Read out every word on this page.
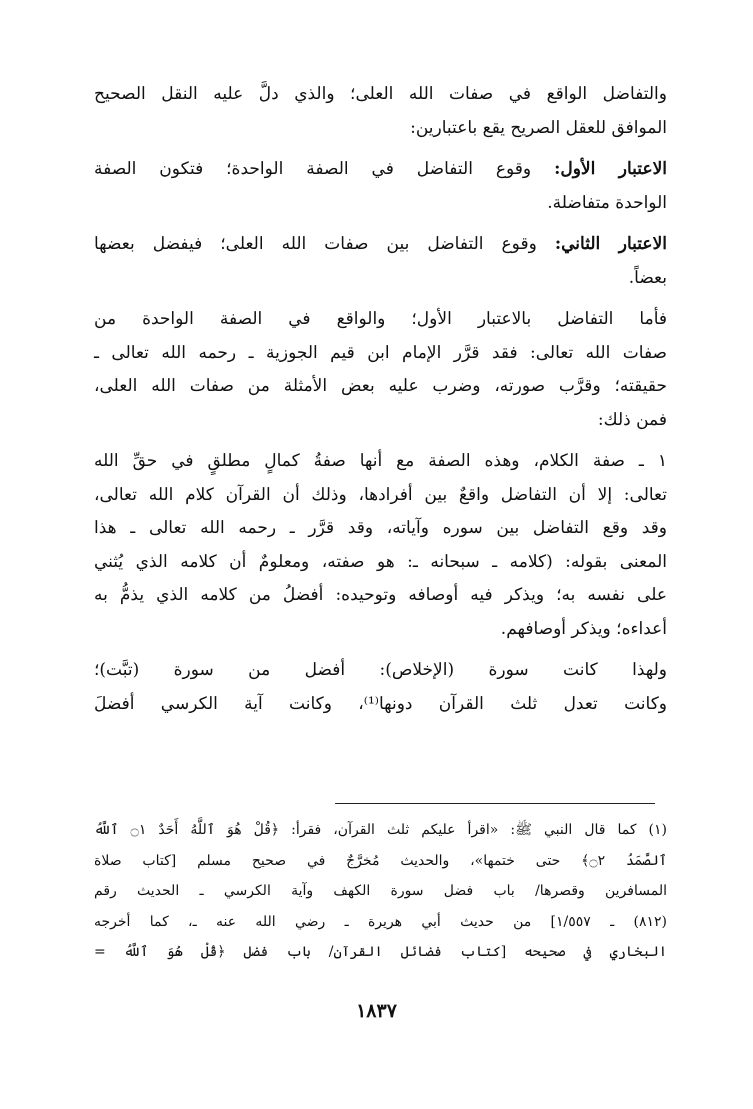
والتفاضل الواقع في صفات الله العلى؛ والذي دلَّ عليه النقل الصحيح
الموافق للعقل الصريح يقع باعتبارين:

الاعتبار الأول: وقوع التفاضل في الصفة الواحدة؛ فتكون الصفة
الواحدة متفاضلة.

الاعتبار الثاني: وقوع التفاضل بين صفات الله العلى؛ فيفضل بعضها
بعضاً.

فأما التفاضل بالاعتبار الأول؛ والواقع في الصفة الواحدة من
صفات الله تعالى: فقد قرَّر الإمام ابن قيم الجوزية ـ رحمه الله تعالى ـ
حقيقته؛ وقرَّب صورته، وضرب عليه بعض الأمثلة من صفات الله العلى،
فمن ذلك:

١ ـ صفة الكلام، وهذه الصفة مع أنها صفةُ كمالٍ مطلقٍ في حقِّ الله
تعالى: إلا أن التفاضل واقعٌ بين أفرادها، وذلك أن القرآن كلام الله تعالى،
وقد وقع التفاضل بين سوره وآياته، وقد قرَّر ـ رحمه الله تعالى ـ هذا
المعنى بقوله: (كلامه ـ سبحانه ـ: هو صفته، ومعلومٌ أن كلامه الذي يُثني
على نفسه به؛ ويذكر فيه أوصافه وتوحيده: أفضلُ من كلامه الذي يذمُّ به
أعداءه؛ ويذكر أوصافهم.

ولهذا كانت سورة (الإخلاص): أفضل من سورة (تبَّت)؛
وكانت تعدل ثلث القرآن دونها⁽¹⁾، وكانت آية الكرسي أفضلَ

(١) كما قال النبي ﷺ: «اقرأ عليكم ثلث القرآن، فقرأ: ﴿قُلْ هُوَ ٱللَّهُ أَحَدٌ ۝١ ٱللَّهُ
ٱلصَّمَدُ ۝٢﴾ حتى ختمها»، والحديث مُخرَّجٌ في صحيح مسلم [كتاب صلاة
المسافرين وقصرها/ باب فضل سورة الكهف وآية الكرسي ـ الحديث رقم
(٨١٢) ـ ١/٥٥٧] من حديث أبي هريرة ـ رضي الله عنه ـ، كما أخرجه
البخاري في صحيحه [كتاب فضائل القرآن/ باب فضل ﴿قُلْ هُوَ ٱللَّهُ =
١٨٣٧
